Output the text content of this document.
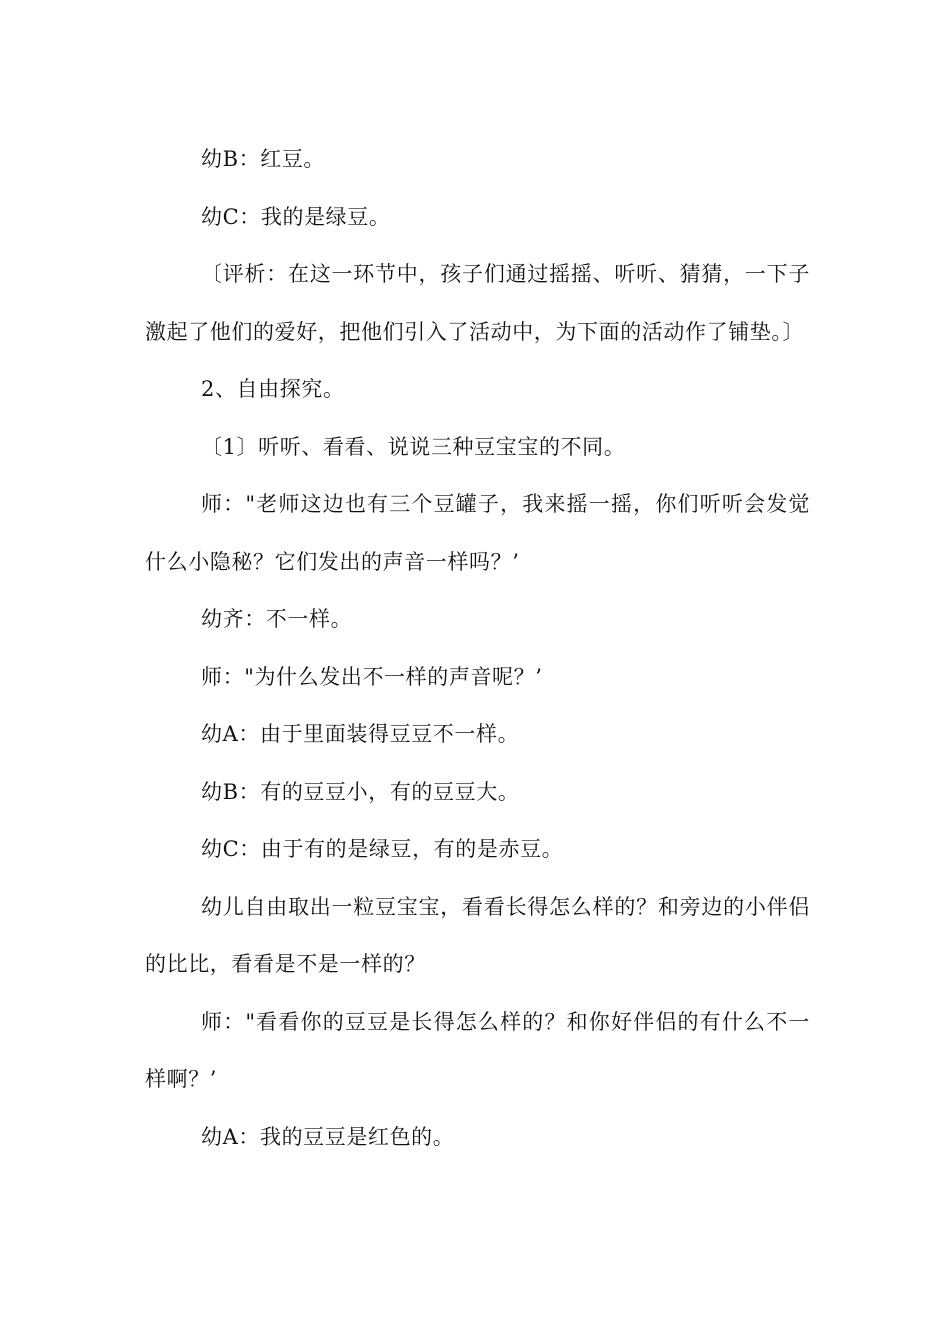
幼B：红豆。

幼C：我的是绿豆。

〔评析：在这一环节中，孩子们通过摇摇、听听、猜猜，一下子激起了他们的爱好，把他们引入了活动中，为下面的活动作了铺垫。〕

2、自由探究。

〔1〕听听、看看、说说三种豆宝宝的不同。

师："老师这边也有三个豆罐子，我来摇一摇，你们听听会发觉什么小隐秘？它们发出的声音一样吗？’

幼齐：不一样。

师："为什么发出不一样的声音呢？’

幼A：由于里面装得豆豆不一样。

幼B：有的豆豆小，有的豆豆大。

幼C：由于有的是绿豆，有的是赤豆。

幼儿自由取出一粒豆宝宝，看看长得怎么样的？和旁边的小伴侣的比比，看看是不是一样的？

师："看看你的豆豆是长得怎么样的？和你好伴侣的有什么不一样啊？’

幼A：我的豆豆是红色的。
